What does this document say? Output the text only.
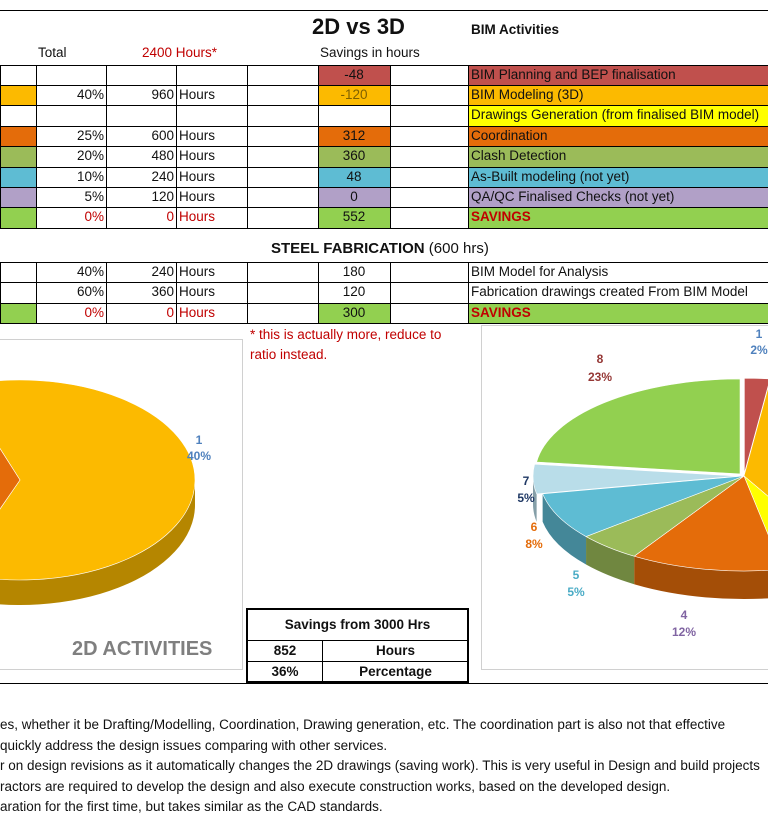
2D vs 3D	BIM Activities
Total	2400 Hours*	Savings in hours
-48	BIM Planning and BEP finalisation
40%	960 Hours	-120	BIM Modeling (3D)
Drawings Generation (from finalised BIM model)
25%	600 Hours	312	Coordination
20%	480 Hours	360	Clash Detection
10%	240 Hours	48	As-Built modeling (not yet)
5%	120 Hours	0	QA/QC Finalised Checks (not yet)
0%	0 Hours	552	SAVINGS
STEEL FABRICATION (600 hrs)
40%	240 Hours	180	BIM Model for Analysis
60%	360 Hours	120	Fabrication drawings created From BIM Model
0%	0 Hours	300	SAVINGS
* this is actually more, reduce to
ratio instead.
1
40%
2D ACTIVITIES
1
2%
8
23%
7
5%
6
8%
5
5%
4
12%
Savings from 3000 Hrs
852	Hours
36%	Percentage
es, whether it be Drafting/Modelling, Coordination, Drawing generation, etc. The coordination part is also not that effective
quickly address the design issues comparing with other services.
r on design revisions as it automatically changes the 2D drawings (saving work). This is very useful in Design and build projects
ractors are required to develop the design and also execute construction works, based on the developed design.
aration for the first time, but takes similar as the CAD standards.
